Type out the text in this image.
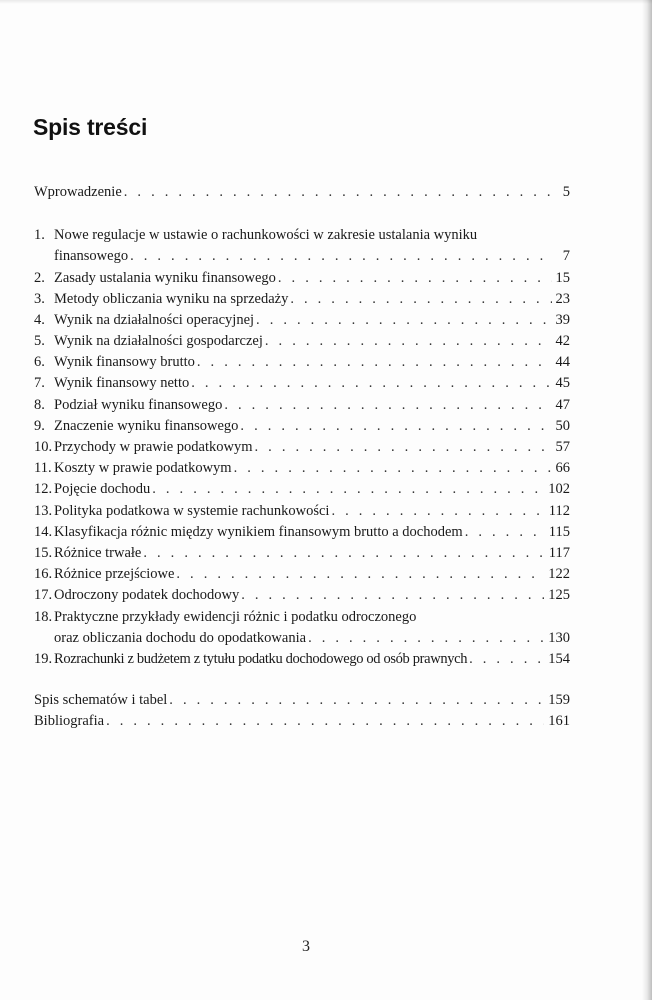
Spis treści
Wprowadzenie . . .	5
1. Nowe regulacje w ustawie o rachunkowości w zakresie ustalania wyniku
finansowego . . .	7
2. Zasady ustalania wyniku finansowego . . .	15
3. Metody obliczania wyniku na sprzedaży . . .	23
4. Wynik na działalności operacyjnej . . .	39
5. Wynik na działalności gospodarczej . . .	42
6. Wynik finansowy brutto . . .	44
7. Wynik finansowy netto . . .	45
8. Podział wyniku finansowego . . .	47
9. Znaczenie wyniku finansowego . . .	50
10. Przychody w prawie podatkowym . . .	57
11. Koszty w prawie podatkowym . . .	66
12. Pojęcie dochodu . . .	102
13. Polityka podatkowa w systemie rachunkowości . . .	112
14. Klasyfikacja różnic między wynikiem finansowym brutto a dochodem . . .	115
15. Różnice trwałe . . .	117
16. Różnice przejściowe . . .	122
17. Odroczony podatek dochodowy . . .	125
18. Praktyczne przykłady ewidencji różnic i podatku odroczonego
oraz obliczania dochodu do opodatkowania . . .	130
19. Rozrachunki z budżetem z tytułu podatku dochodowego od osób prawnych . . .	154
Spis schematów i tabel . . .	159
Bibliografia . . .	161
3
